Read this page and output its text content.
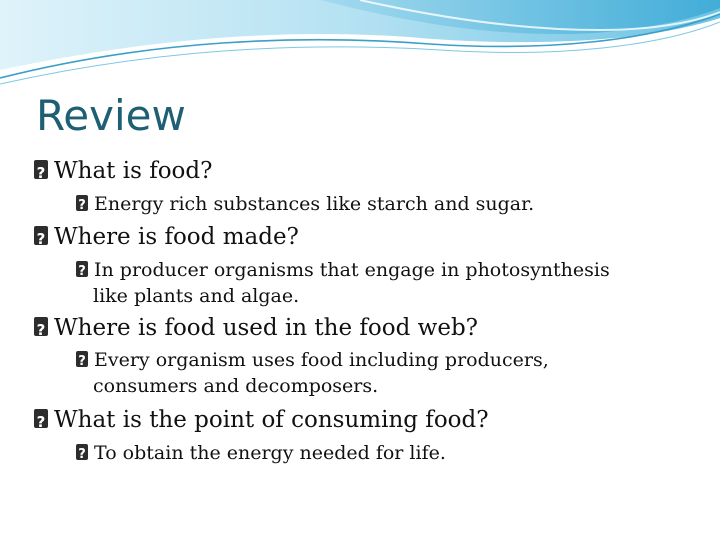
Review
?What is food?
?Energy rich substances like starch and sugar.
?Where is food made?
?In producer organisms that engage in photosynthesis
like plants and algae.
?Where is food used in the food web?
?Every organism uses food including producers,
consumers and decomposers.
?What is the point of consuming food?
?To obtain the energy needed for life.
